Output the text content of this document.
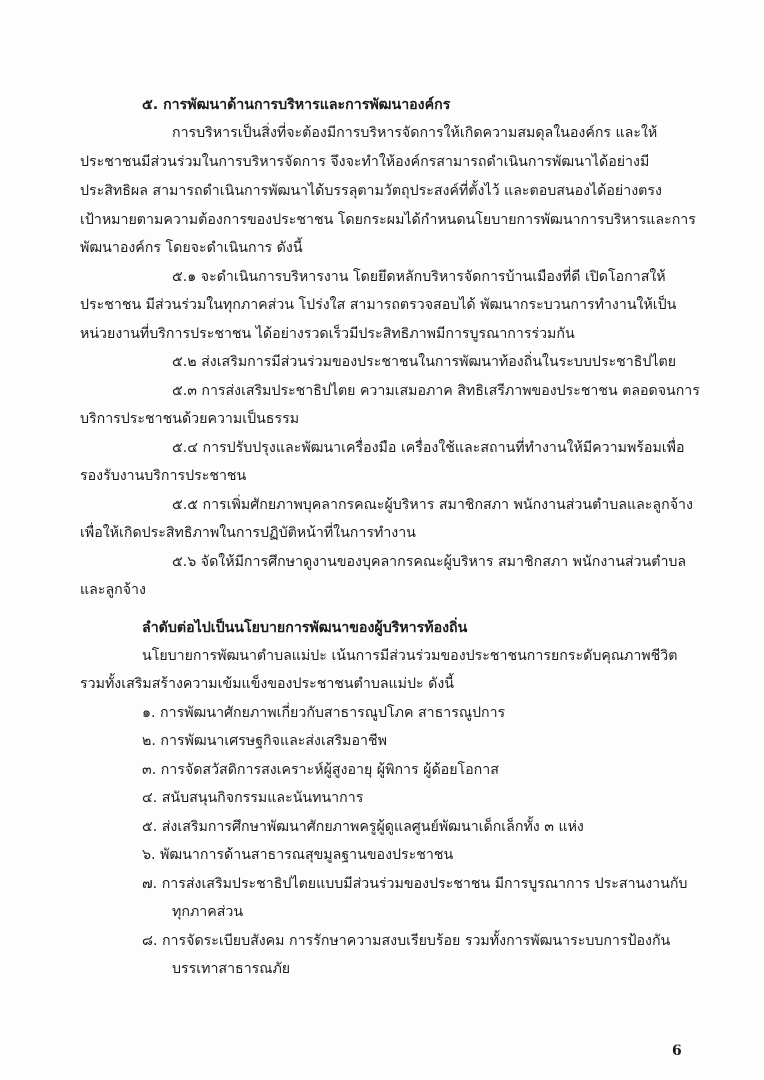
๕. การพัฒนาด้านการบริหารและการพัฒนาองค์กร
การบริหารเป็นสิ่งที่จะต้องมีการบริหารจัดการให้เกิดความสมดุลในองค์กร และให้
ประชาชนมีส่วนร่วมในการบริหารจัดการ จึงจะทำให้องค์กรสามารถดำเนินการพัฒนาได้อย่างมี
ประสิทธิผล สามารถดำเนินการพัฒนาได้บรรลุตามวัตถุประสงค์ที่ตั้งไว้ และตอบสนองได้อย่างตรง
เป้าหมายตามความต้องการของประชาชน โดยกระผมได้กำหนดนโยบายการพัฒนาการบริหารและการ
พัฒนาองค์กร โดยจะดำเนินการ ดังนี้
๕.๑ จะดำเนินการบริหารงาน โดยยึดหลักบริหารจัดการบ้านเมืองที่ดี เปิดโอกาสให้
ประชาชน มีส่วนร่วมในทุกภาคส่วน โปร่งใส สามารถตรวจสอบได้ พัฒนากระบวนการทำงานให้เป็น
หน่วยงานที่บริการประชาชน ได้อย่างรวดเร็วมีประสิทธิภาพมีการบูรณาการร่วมกัน
๕.๒ ส่งเสริมการมีส่วนร่วมของประชาชนในการพัฒนาท้องถิ่นในระบบประชาธิปไตย
๕.๓ การส่งเสริมประชาธิปไตย ความเสมอภาค สิทธิเสรีภาพของประชาชน ตลอดจนการ
บริการประชาชนด้วยความเป็นธรรม
๕.๔ การปรับปรุงและพัฒนาเครื่องมือ เครื่องใช้และสถานที่ทำงานให้มีความพร้อมเพื่อ
รองรับงานบริการประชาชน
๕.๕ การเพิ่มศักยภาพบุคลากรคณะผู้บริหาร สมาชิกสภา พนักงานส่วนตำบลและลูกจ้าง
เพื่อให้เกิดประสิทธิภาพในการปฏิบัติหน้าที่ในการทำงาน
๕.๖ จัดให้มีการศึกษาดูงานของบุคลากรคณะผู้บริหาร สมาชิกสภา พนักงานส่วนตำบล
และลูกจ้าง
ลำดับต่อไปเป็นนโยบายการพัฒนาของผู้บริหารท้องถิ่น
นโยบายการพัฒนาตำบลแม่ปะ เน้นการมีส่วนร่วมของประชาชนการยกระดับคุณภาพชีวิต
รวมทั้งเสริมสร้างความเข้มแข็งของประชาชนตำบลแม่ปะ ดังนี้
๑. การพัฒนาศักยภาพเกี่ยวกับสาธารณูปโภค สาธารณูปการ
๒. การพัฒนาเศรษฐกิจและส่งเสริมอาชีพ
๓. การจัดสวัสดิการสงเคราะห์ผู้สูงอายุ ผู้พิการ ผู้ด้อยโอกาส
๔. สนับสนุนกิจกรรมและนันทนาการ
๕. ส่งเสริมการศึกษาพัฒนาศักยภาพครูผู้ดูแลศูนย์พัฒนาเด็กเล็กทั้ง ๓ แห่ง
๖. พัฒนาการด้านสาธารณสุขมูลฐานของประชาชน
๗. การส่งเสริมประชาธิปไตยแบบมีส่วนร่วมของประชาชน มีการบูรณาการ ประสานงานกับ
ทุกภาคส่วน
๘. การจัดระเบียบสังคม การรักษาความสงบเรียบร้อย รวมทั้งการพัฒนาระบบการป้องกัน
บรรเทาสาธารณภัย
6
